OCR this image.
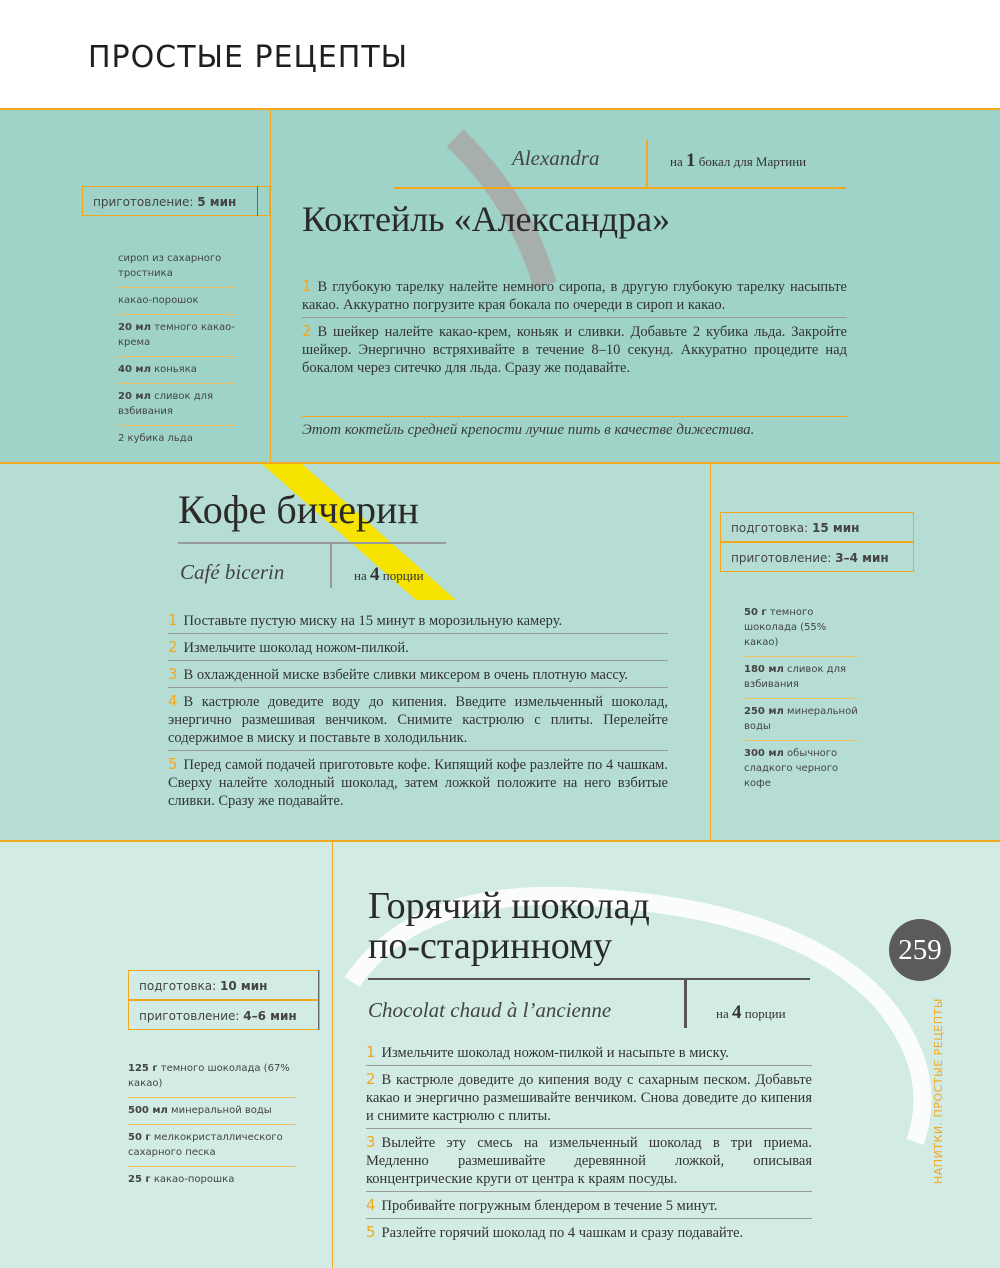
ПРОСТЫЕ РЕЦЕПТЫ
приготовление: 5 мин
сироп из сахарного тростника
какао-порошок
20 мл темного какао-крема
40 мл коньяка
20 мл сливок для взбивания
2 кубика льда
Alexandra	на 1 бокал для Мартини
Коктейль «Александра»
1 В глубокую тарелку налейте немного сиропа, в другую глубокую тарелку насыпьте какао. Аккуратно погрузите края бокала по очереди в сироп и какао.
2 В шейкер налейте какао-крем, коньяк и сливки. Добавьте 2 кубика льда. Закройте шейкер. Энергично встряхивайте в течение 8–10 секунд. Аккуратно процедите над бокалом через ситечко для льда. Сразу же подавайте.
Этот коктейль средней крепости лучше пить в качестве дижестива.
Кофе бичерин
Café bicerin	на 4 порции
подготовка: 15 мин
приготовление: 3–4 мин
50 г темного шоколада (55% какао)
180 мл сливок для взбивания
250 мл минеральной воды
300 мл обычного сладкого черного кофе
1 Поставьте пустую миску на 15 минут в морозильную камеру.
2 Измельчите шоколад ножом-пилкой.
3 В охлажденной миске взбейте сливки миксером в очень плотную массу.
4 В кастрюле доведите воду до кипения. Введите измельченный шоколад, энергично размешивая венчиком. Снимите кастрюлю с плиты. Перелейте содержимое в миску и поставьте в холодильник.
5 Перед самой подачей приготовьте кофе. Кипящий кофе разлейте по 4 чашкам. Сверху налейте холодный шоколад, затем ложкой положите на него взбитые сливки. Сразу же подавайте.
подготовка: 10 мин
приготовление: 4–6 мин
125 г темного шоколада (67% какао)
500 мл минеральной воды
50 г мелкокристаллического сахарного песка
25 г какао-порошка
Горячий шоколад
по-старинному
Chocolat chaud à l’ancienne	на 4 порции
1 Измельчите шоколад ножом-пилкой и насыпьте в миску.
2 В кастрюле доведите до кипения воду с сахарным песком. Добавьте какао и энергично размешивайте венчиком. Снова доведите до кипения и снимите кастрюлю с плиты.
3 Вылейте эту смесь на измельченный шоколад в три приема. Медленно размешивайте деревянной ложкой, описывая концентрические круги от центра к краям посуды.
4 Пробивайте погружным блендером в течение 5 минут.
5 Разлейте горячий шоколад по 4 чашкам и сразу подавайте.
259
НАПИТКИ. ПРОСТЫЕ РЕЦЕПТЫ
